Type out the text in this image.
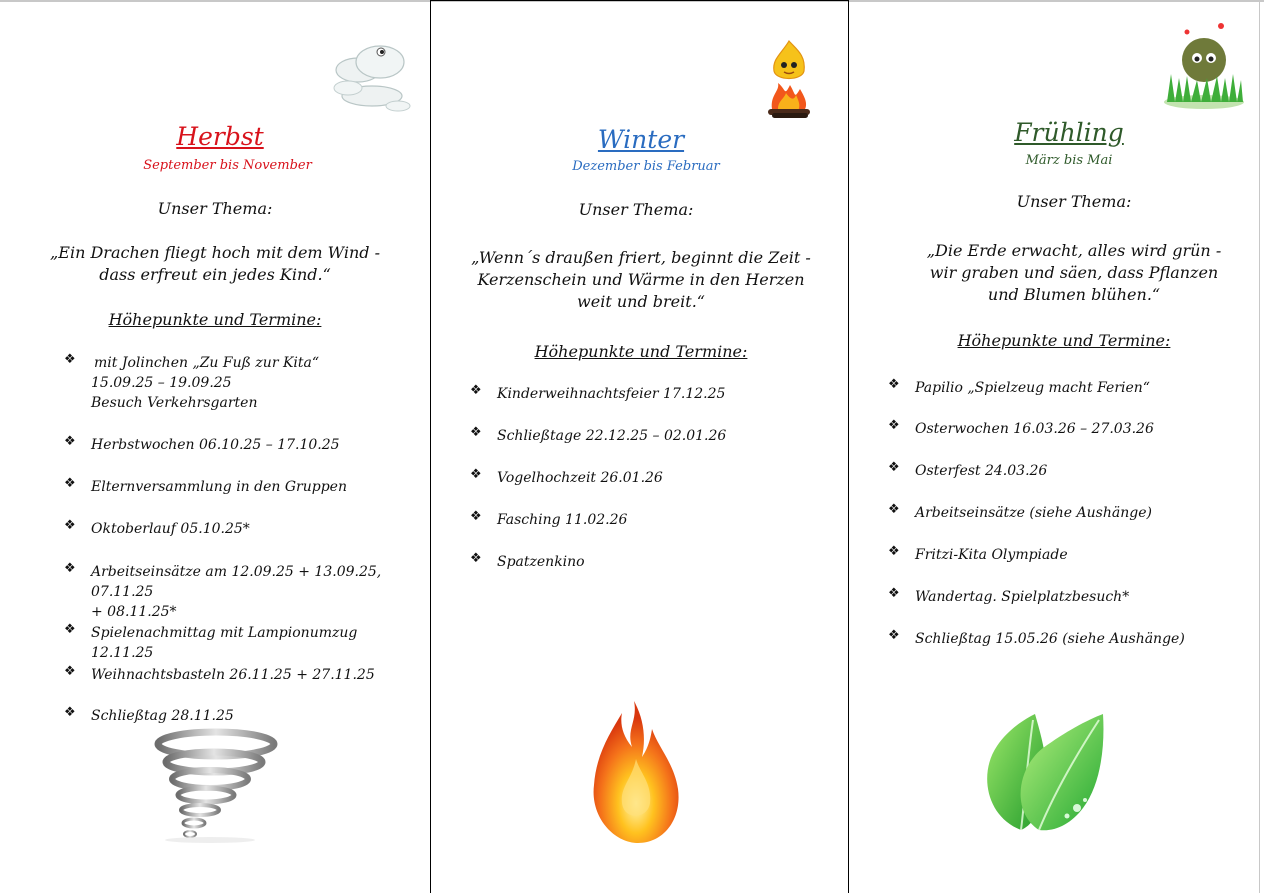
Herbst
September bis November
Unser Thema:
„Ein Drachen fliegt hoch mit dem Wind -
dass erfreut ein jedes Kind.“
Höhepunkte und Termine:
❖ mit Jolinchen „Zu Fuß zur Kita“
15.09.25 – 19.09.25
Besuch Verkehrsgarten
❖ Herbstwochen 06.10.25 – 17.10.25
❖ Elternversammlung in den Gruppen
❖ Oktoberlauf 05.10.25*
❖ Arbeitseinsätze am 12.09.25 + 13.09.25, 07.11.25
+ 08.11.25*
❖ Spielenachmittag mit Lampionumzug 12.11.25
❖ Weihnachtsbasteln 26.11.25 + 27.11.25
❖ Schließtag 28.11.25
Winter
Dezember bis Februar
Unser Thema:
„Wenn´s draußen friert, beginnt die Zeit -
Kerzenschein und Wärme in den Herzen
weit und breit.“
Höhepunkte und Termine:
❖ Kinderweihnachtsfeier 17.12.25
❖ Schließtage 22.12.25 – 02.01.26
❖ Vogelhochzeit 26.01.26
❖ Fasching 11.02.26
❖ Spatzenkino
Frühling
März bis Mai
Unser Thema:
„Die Erde erwacht, alles wird grün -
wir graben und säen, dass Pflanzen
und Blumen blühen.“
Höhepunkte und Termine:
❖ Papilio „Spielzeug macht Ferien“
❖ Osterwochen 16.03.26 – 27.03.26
❖ Osterfest 24.03.26
❖ Arbeitseinsätze (siehe Aushänge)
❖ Fritzi-Kita Olympiade
❖ Wandertag. Spielplatzbesuch*
❖ Schließtag 15.05.26 (siehe Aushänge)
